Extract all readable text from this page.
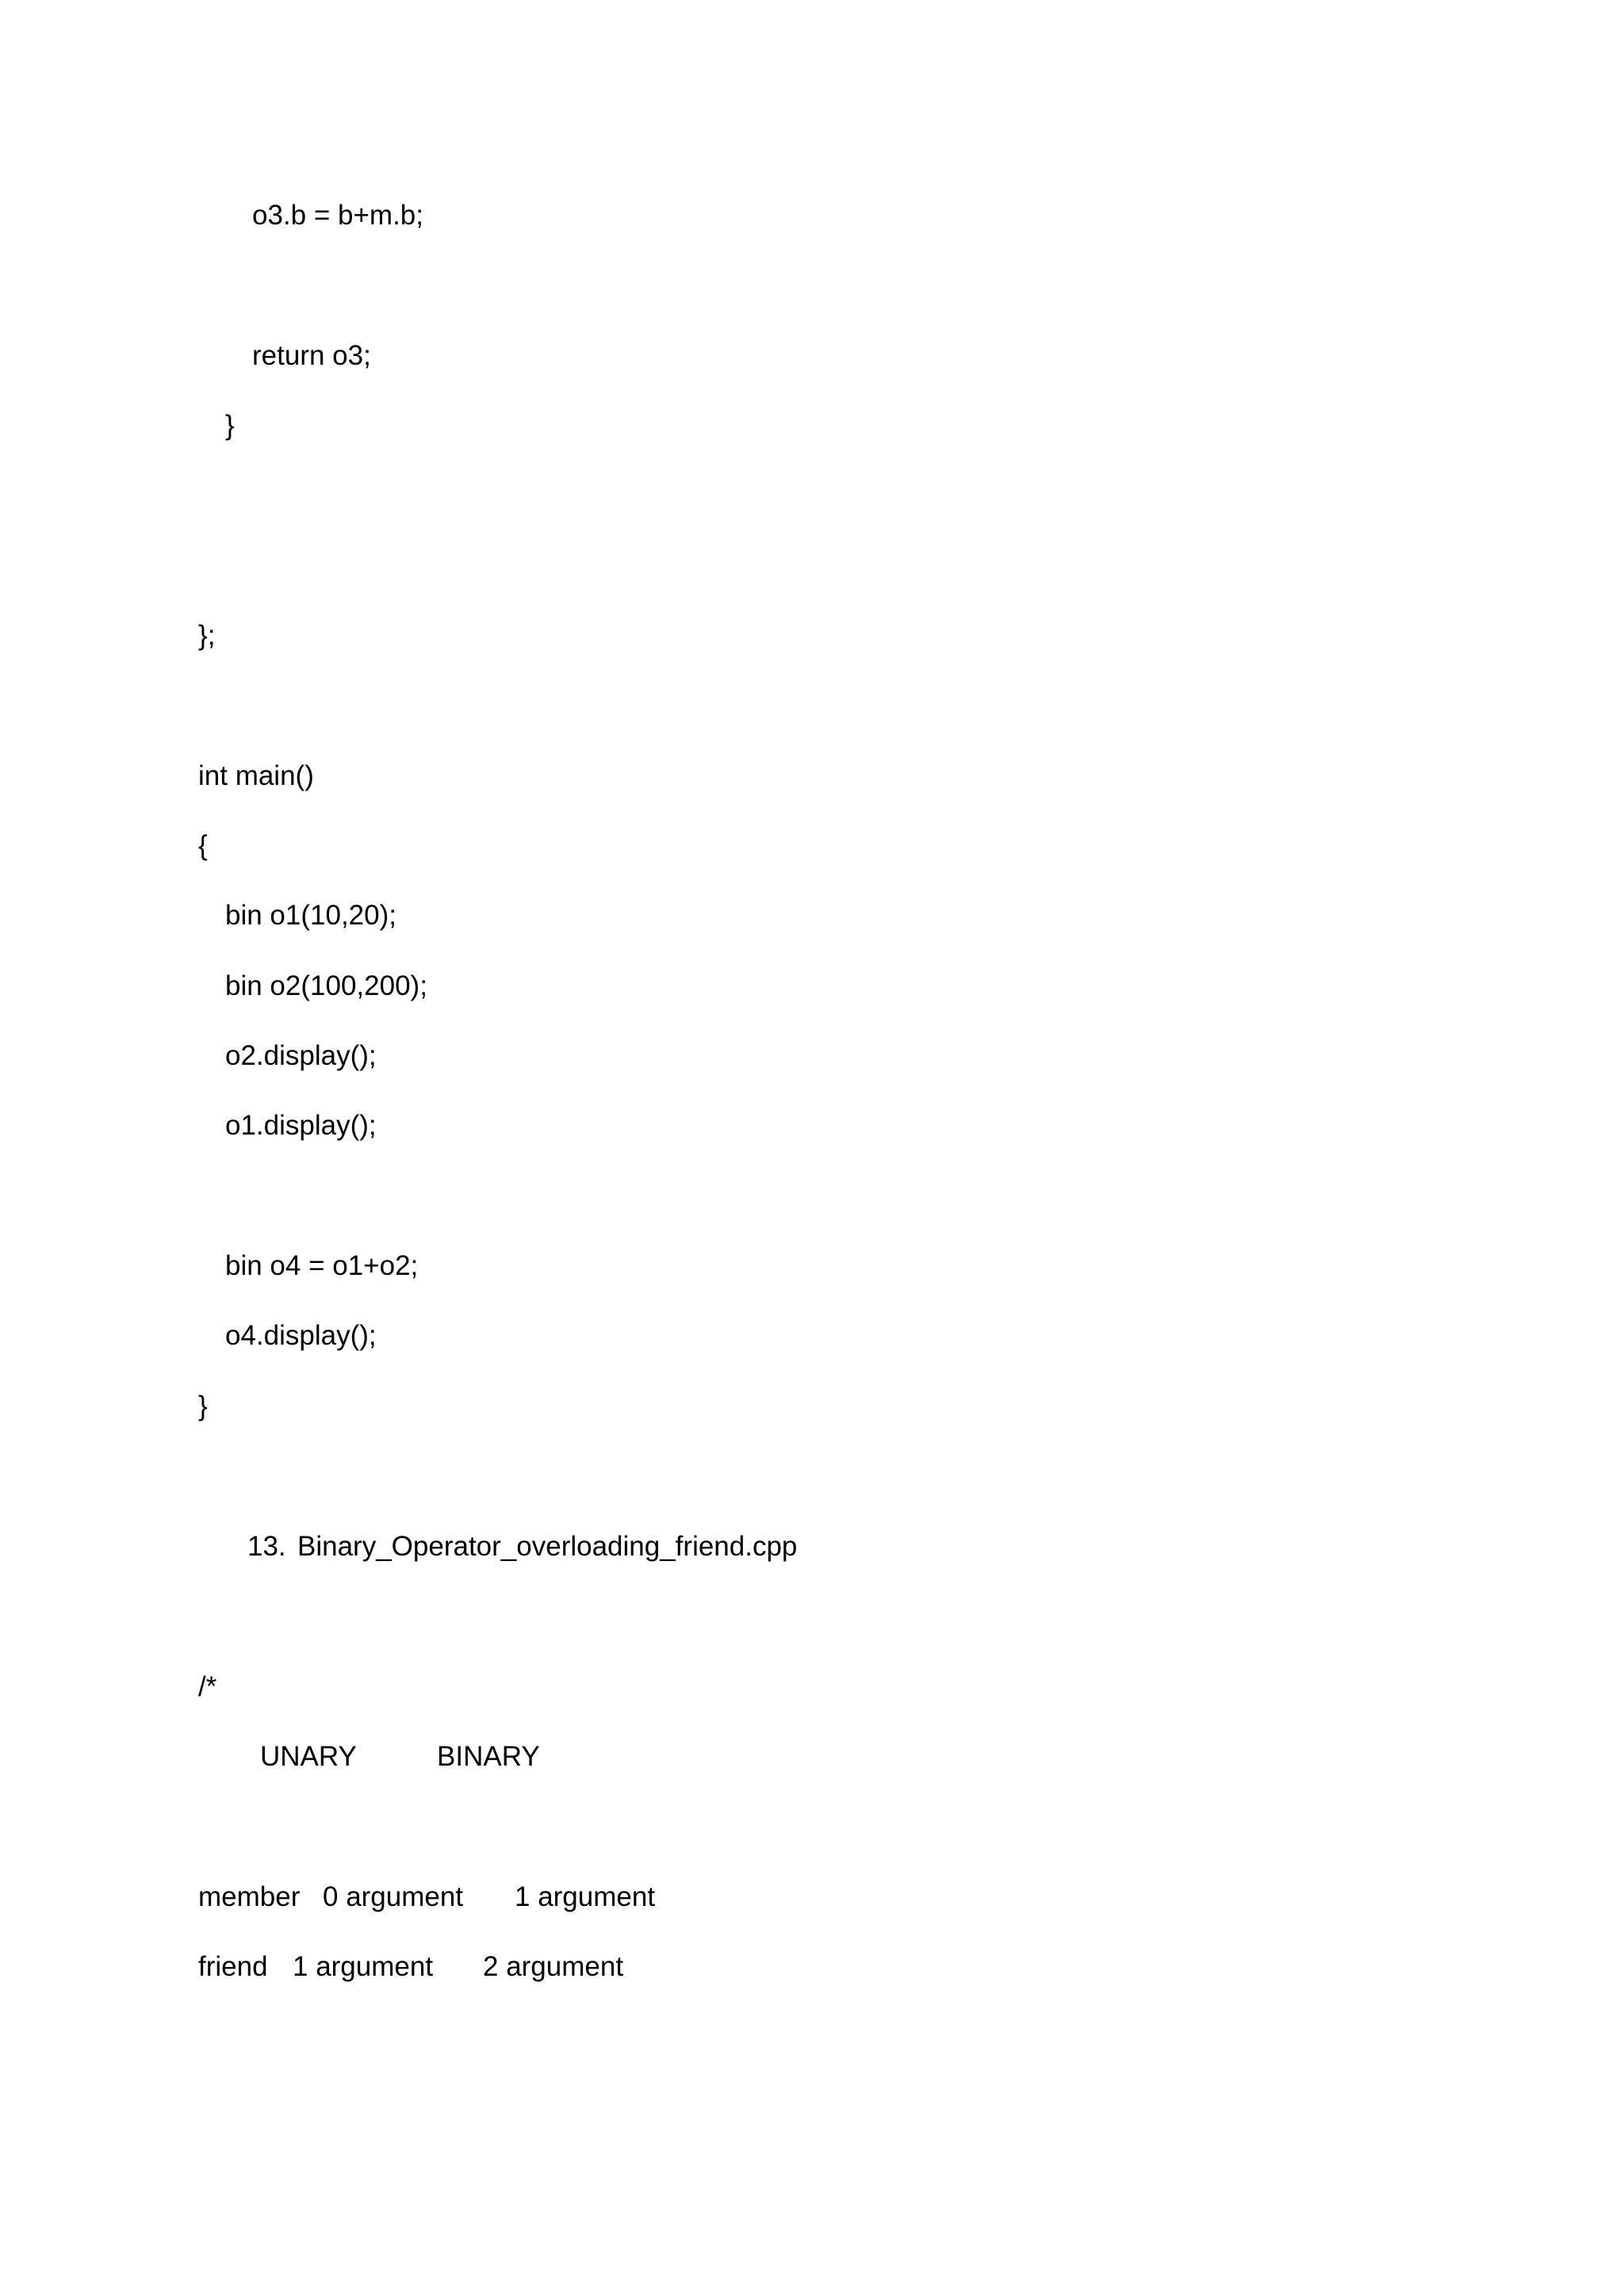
o3.b = b+m.b;
return o3;
}
};
int main()
{
bin o1(10,20);
bin o2(100,200);
o2.display();
o1.display();
bin o4 = o1+o2;
o4.display();
}
13. Binary_Operator_overloading_friend.cpp
/*
UNARY	BINARY
member 0 argument 1 argument
friend 1 argument 2 argument
